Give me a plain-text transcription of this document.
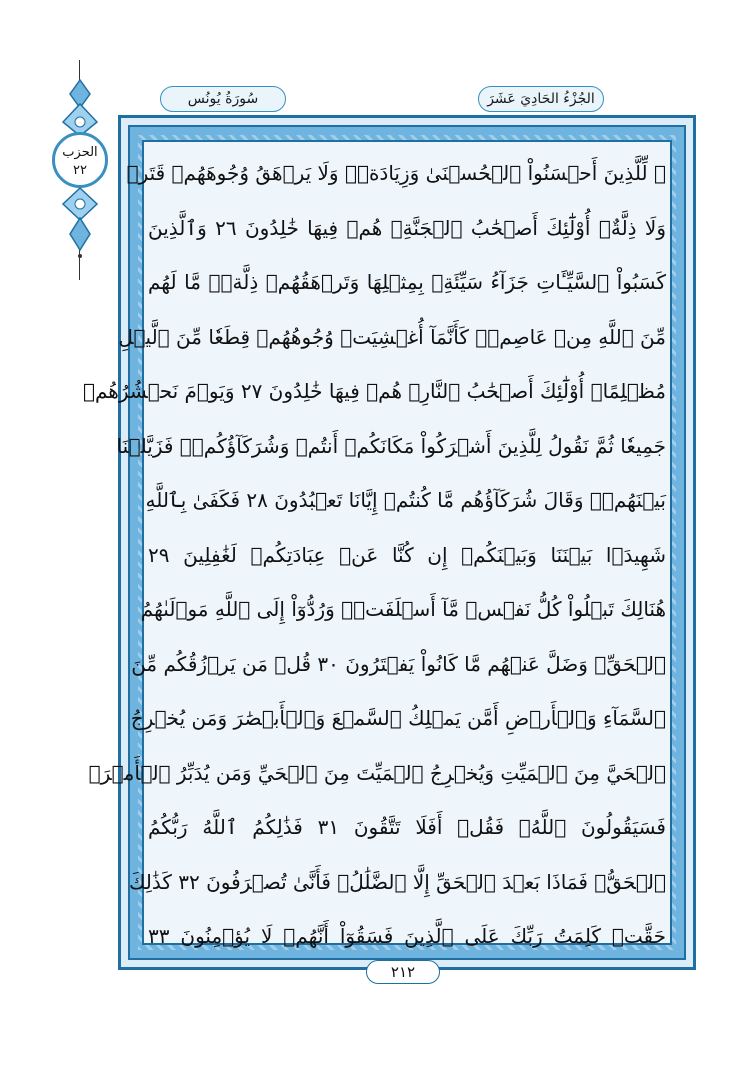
الجُزْءُ الحَادِيَ عَشَرَ
سُورَةُ يُونُس
الحزب
٢٢	۞ لِّلَّذِينَ أَحۡسَنُواْ ٱلۡحُسۡنَىٰ وَزِيَادَةٞۖ وَلَا يَرۡهَقُ وُجُوهَهُمۡ قَتَرٞ
وَلَا ذِلَّةٌۚ أُوْلَٰٓئِكَ أَصۡحَٰبُ ٱلۡجَنَّةِۖ هُمۡ فِيهَا خَٰلِدُونَ ٢٦ وَٱلَّذِينَ
كَسَبُواْ ٱلسَّيِّـَٔاتِ جَزَآءُ سَيِّئَةِۭ بِمِثۡلِهَا وَتَرۡهَقُهُمۡ ذِلَّةٞۖ مَّا لَهُم
مِّنَ ٱللَّهِ مِنۡ عَاصِمٖۖ كَأَنَّمَآ أُغۡشِيَتۡ وُجُوهُهُمۡ قِطَعٗا مِّنَ ٱلَّيۡلِ
مُظۡلِمًاۚ أُوْلَٰٓئِكَ أَصۡحَٰبُ ٱلنَّارِۖ هُمۡ فِيهَا خَٰلِدُونَ ٢٧ وَيَوۡمَ نَحۡشُرُهُمۡ
جَمِيعٗا ثُمَّ نَقُولُ لِلَّذِينَ أَشۡرَكُواْ مَكَانَكُمۡ أَنتُمۡ وَشُرَكَآؤُكُمۡۚ فَزَيَّلۡنَا
بَيۡنَهُمۡۖ وَقَالَ شُرَكَآؤُهُم مَّا كُنتُمۡ إِيَّانَا تَعۡبُدُونَ ٢٨ فَكَفَىٰ بِٱللَّهِ
شَهِيدَۢا بَيۡنَنَا وَبَيۡنَكُمۡ إِن كُنَّا عَنۡ عِبَادَتِكُمۡ لَغَٰفِلِينَ ٢٩
هُنَالِكَ تَبۡلُواْ كُلُّ نَفۡسٖ مَّآ أَسۡلَفَتۡۚ وَرُدُّوٓاْ إِلَى ٱللَّهِ مَوۡلَىٰهُمُ
ٱلۡحَقِّۖ وَضَلَّ عَنۡهُم مَّا كَانُواْ يَفۡتَرُونَ ٣٠ قُلۡ مَن يَرۡزُقُكُم مِّنَ
ٱلسَّمَآءِ وَٱلۡأَرۡضِ أَمَّن يَمۡلِكُ ٱلسَّمۡعَ وَٱلۡأَبۡصَٰرَ وَمَن يُخۡرِجُ
ٱلۡحَيَّ مِنَ ٱلۡمَيِّتِ وَيُخۡرِجُ ٱلۡمَيِّتَ مِنَ ٱلۡحَيِّ وَمَن يُدَبِّرُ ٱلۡأَمۡرَۚ
فَسَيَقُولُونَ ٱللَّهُۚ فَقُلۡ أَفَلَا تَتَّقُونَ ٣١ فَذَٰلِكُمُ ٱللَّهُ رَبُّكُمُ
ٱلۡحَقُّۖ فَمَاذَا بَعۡدَ ٱلۡحَقِّ إِلَّا ٱلضَّلَٰلُۖ فَأَنَّىٰ تُصۡرَفُونَ ٣٢ كَذَٰلِكَ
حَقَّتۡ كَلِمَتُ رَبِّكَ عَلَى ٱلَّذِينَ فَسَقُوٓاْ أَنَّهُمۡ لَا يُؤۡمِنُونَ ٣٣
٢١٢
